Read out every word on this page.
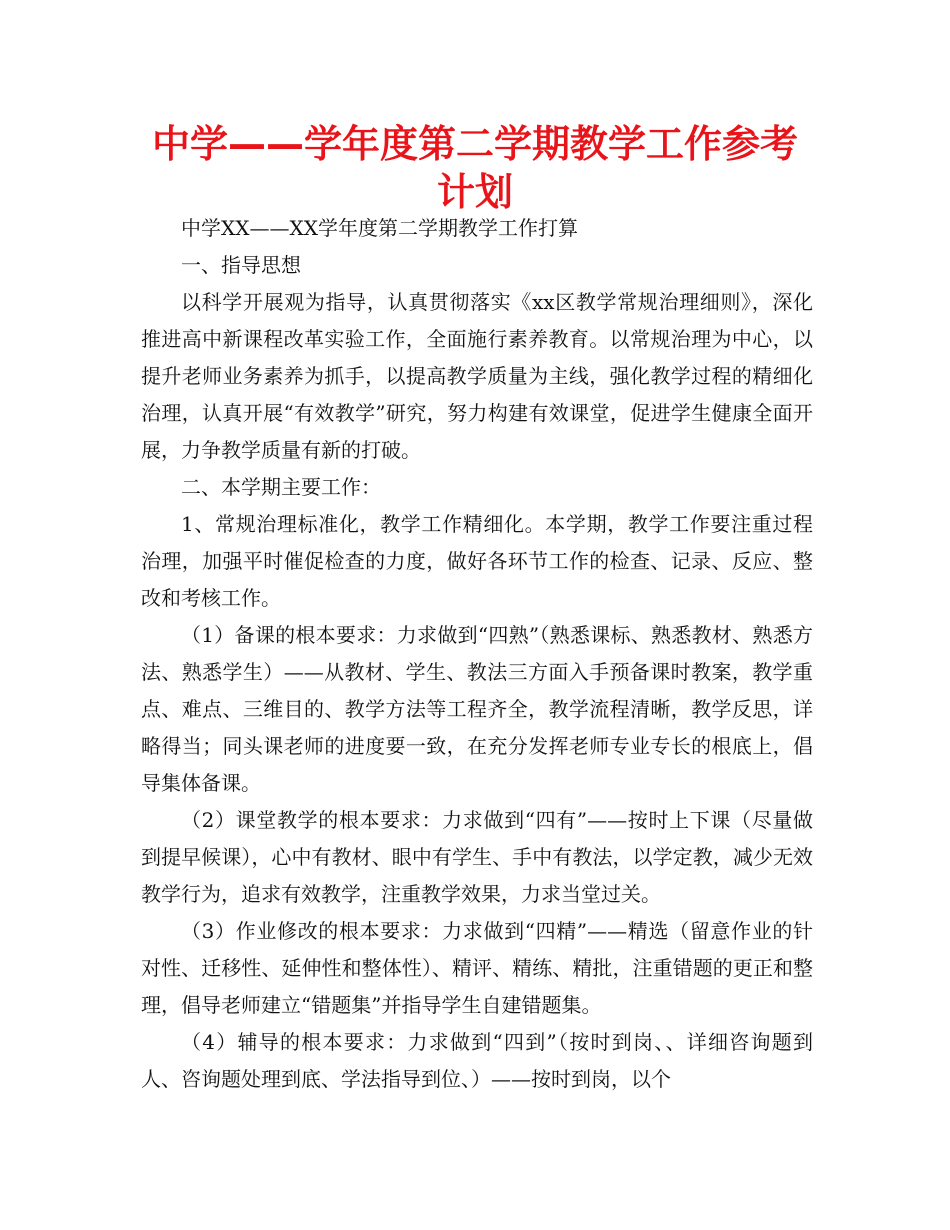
中学——学年度第二学期教学工作参考计划

中学XX——XX学年度第二学期教学工作打算

一、指导思想

以科学开展观为指导，认真贯彻落实《xx区教学常规治理细则》，深化推进高中新课程改革实验工作，全面施行素养教育。以常规治理为中心，以提升老师业务素养为抓手，以提高教学质量为主线，强化教学过程的精细化治理，认真开展“有效教学”研究，努力构建有效课堂，促进学生健康全面开展，力争教学质量有新的打破。

二、本学期主要工作：

1、常规治理标准化，教学工作精细化。本学期，教学工作要注重过程治理，加强平时催促检查的力度，做好各环节工作的检查、记录、反应、整改和考核工作。

（1）备课的根本要求：力求做到“四熟”（熟悉课标、熟悉教材、熟悉方法、熟悉学生）——从教材、学生、教法三方面入手预备课时教案，教学重点、难点、三维目的、教学方法等工程齐全，教学流程清晰，教学反思，详略得当；同头课老师的进度要一致，在充分发挥老师专业专长的根底上，倡导集体备课。

（2）课堂教学的根本要求：力求做到“四有”——按时上下课（尽量做到提早候课），心中有教材、眼中有学生、手中有教法，以学定教，减少无效教学行为，追求有效教学，注重教学效果，力求当堂过关。

（3）作业修改的根本要求：力求做到“四精”——精选（留意作业的针对性、迁移性、延伸性和整体性）、精评、精练、精批，注重错题的更正和整理，倡导老师建立“错题集”并指导学生自建错题集。

（4）辅导的根本要求：力求做到“四到”（按时到岗、、详细咨询题到人、咨询题处理到底、学法指导到位、）——按时到岗，以个
